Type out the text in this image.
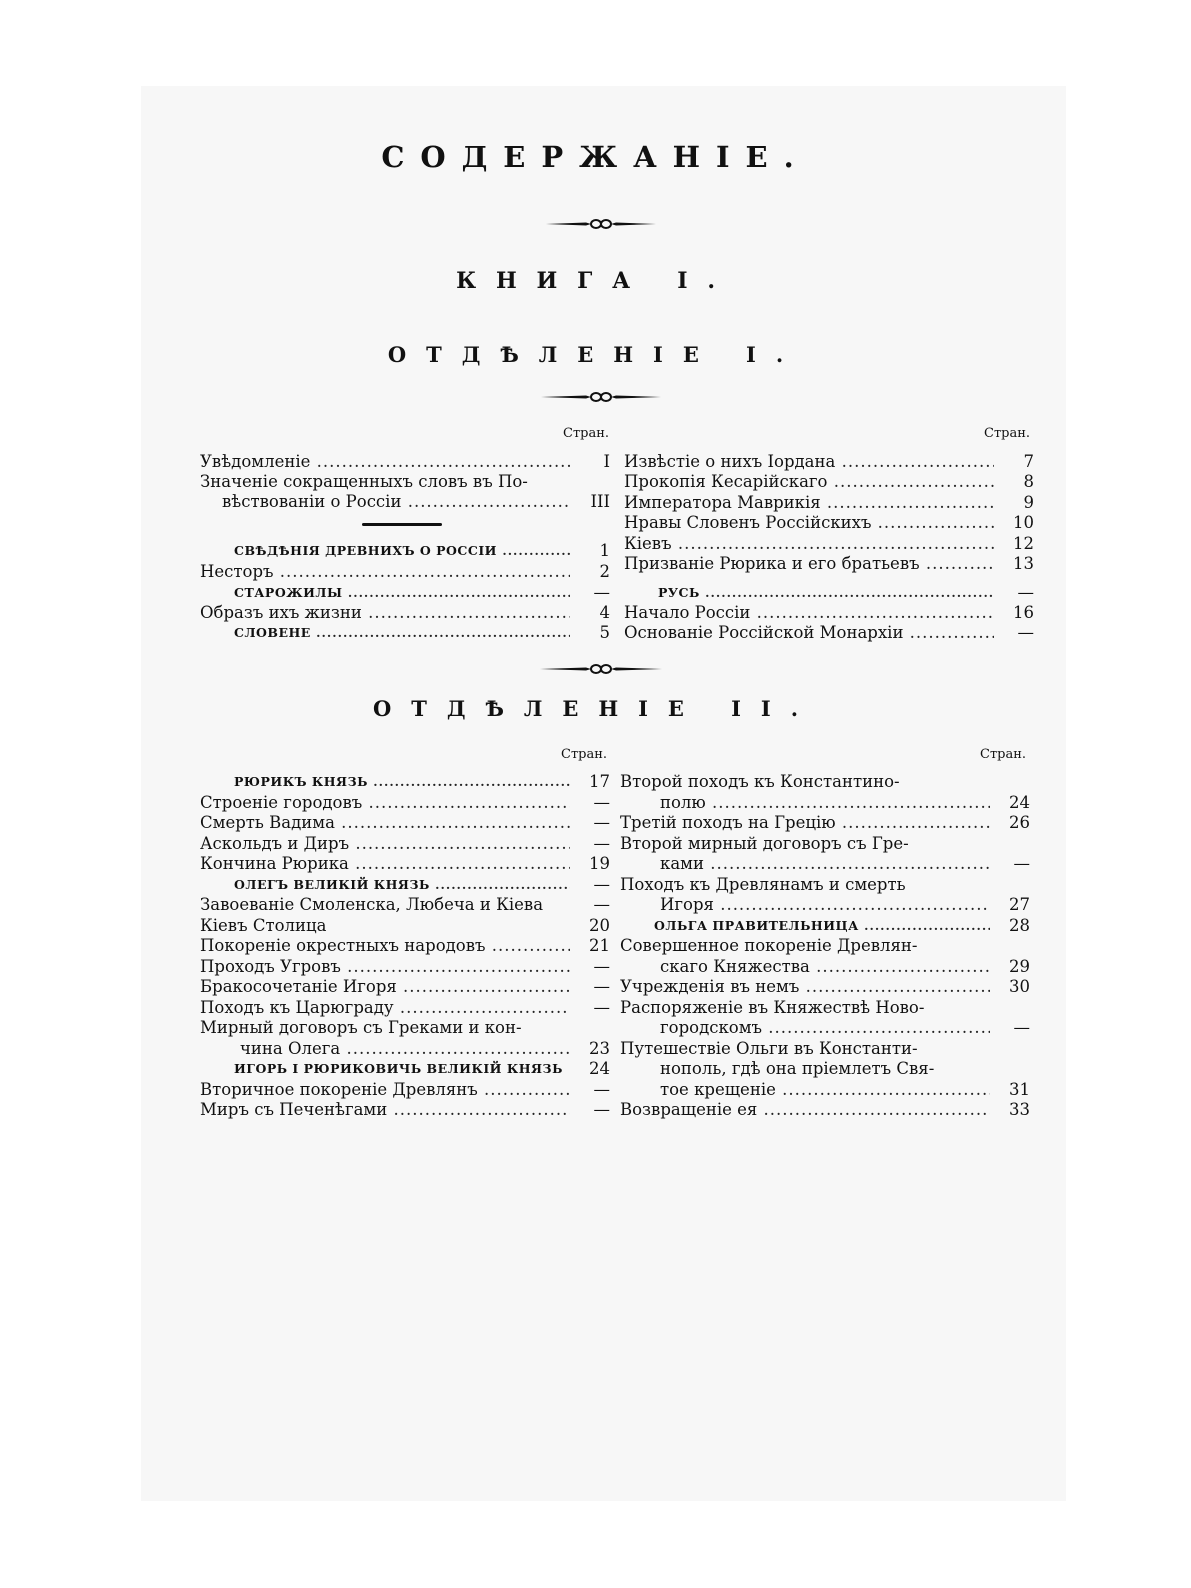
СОДЕРЖАНІЕ.
КНИГА І.
ОТДѢЛЕНІЕ І.
Стран.	Стран.
Увѣдомленіе .....	I
Значеніе сокращенныхъ словъ въ По-
вѣствованіи о Россіи .....	III
СВѢДѢНІЯ ДРЕВНИХЪ О РОССІИ .....	1
Несторъ .....	2
СТАРОЖИЛЫ .....	—
Образъ ихъ жизни .....	4
СЛОВЕНЕ .....	5
Извѣстіе о нихъ Іордана .....	7
Прокопія Кесарійскаго .....	8
Императора Маврикія .....	9
Нравы Словенъ Россійскихъ .....	10
Кіевъ .....	12
Призваніе Рюрика и его братьевъ .....	13
РУСЬ .....	—
Начало Россіи .....	16
Основаніе Россійской Монархіи .....	—
ОТДѢЛЕНІЕ ІІ.
Стран.	Стран.
РЮРИКЪ КНЯЗЬ .....	17
Строеніе городовъ .....	—
Смерть Вадима .....	—
Аскольдъ и Диръ .....	—
Кончина Рюрика .....	19
ОЛЕГЪ ВЕЛИКІЙ КНЯЗЬ .....	—
Завоеваніе Смоленска, Любеча и Кіева	—
Кіевъ Столица	20
Покореніе окрестныхъ народовъ .....	21
Проходъ Угровъ .....	—
Бракосочетаніе Игоря .....	—
Походъ къ Царюграду .....	—
Мирный договоръ съ Греками и кон-
чина Олега .....	23
ИГОРЬ І РЮРИКОВИЧЬ ВЕЛИКІЙ КНЯЗЬ	24
Вторичное покореніе Древлянъ .....	—
Миръ съ Печенѣгами .....	—
Второй походъ къ Константино-
полю .....	24
Третій походъ на Грецію .....	26
Второй мирный договоръ съ Гре-
ками .....	—
Походъ къ Древлянамъ и смерть
Игоря .....	27
ОЛЬГА ПРАВИТЕЛЬНИЦА .....	28
Совершенное покореніе Древлян-
скаго Княжества .....	29
Учрежденія въ немъ .....	30
Распоряженіе въ Княжествѣ Ново-
городскомъ .....	—
Путешествіе Ольги въ Константи-
нополь, гдѣ она пріемлетъ Свя-
тое крещеніе .....	31
Возвращеніе ея .....	33
